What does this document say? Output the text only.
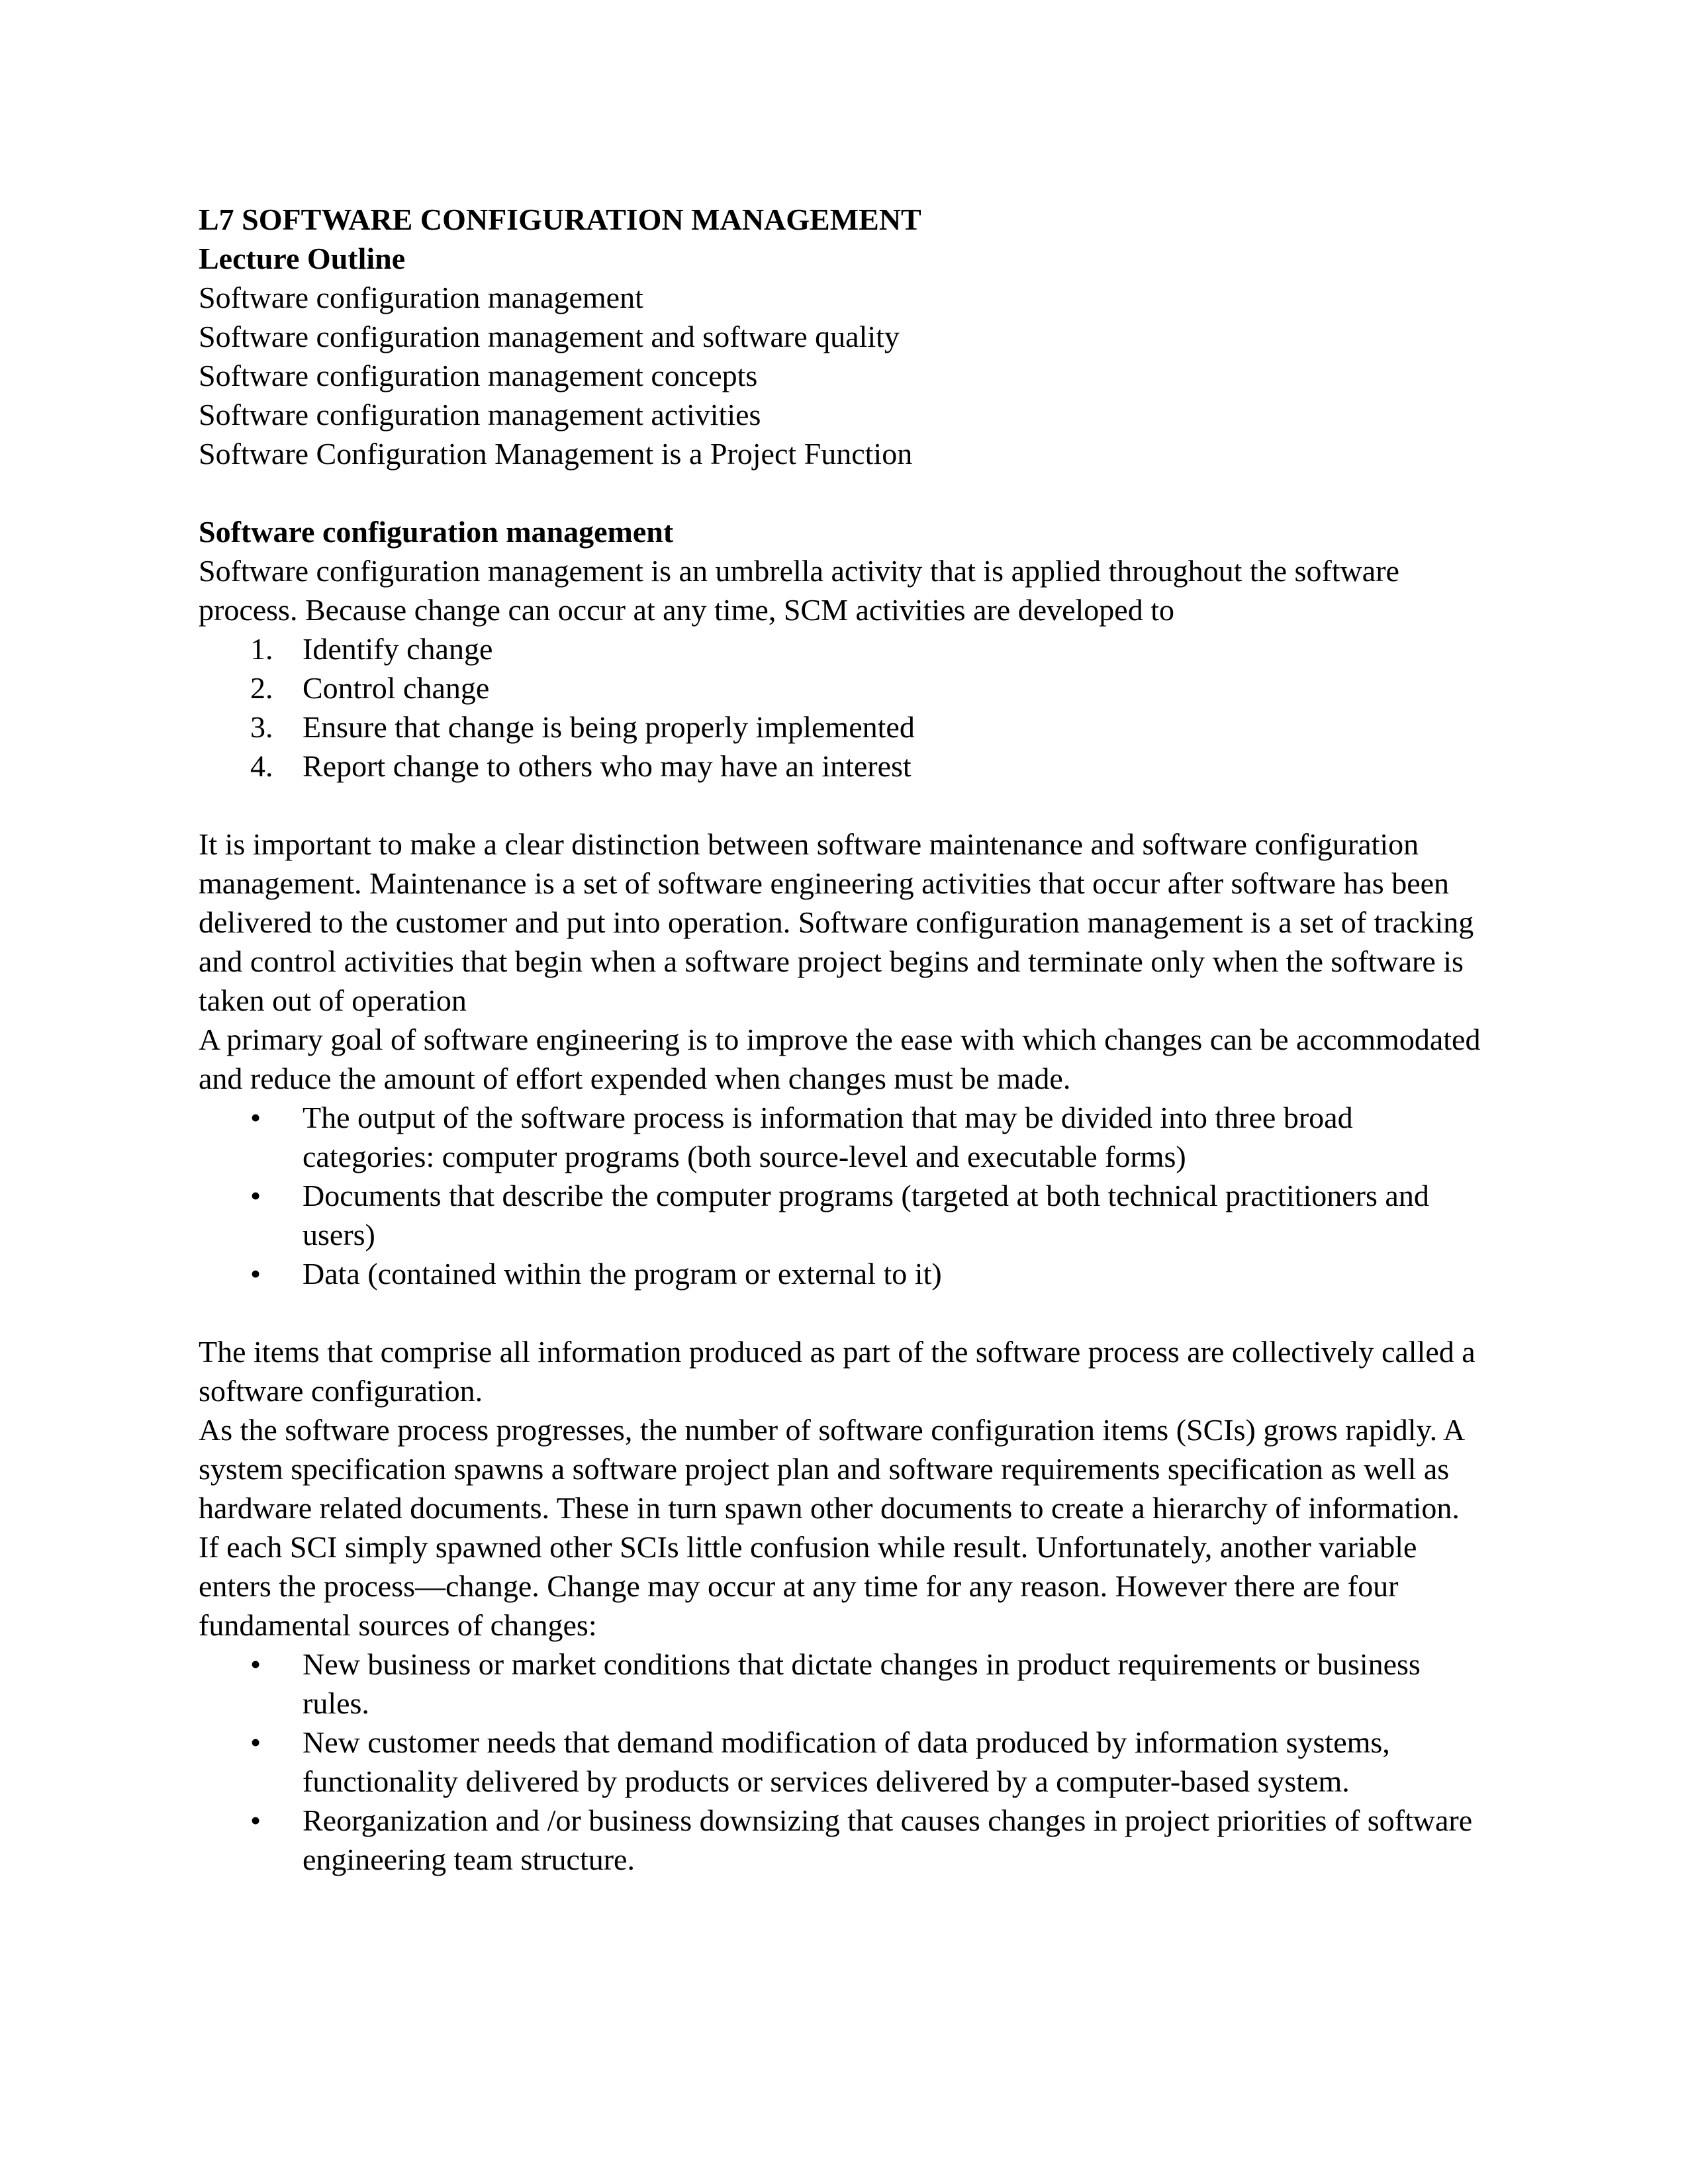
L7 SOFTWARE CONFIGURATION MANAGEMENT

Lecture Outline

Software configuration management

Software configuration management and software quality

Software configuration management concepts

Software configuration management activities

Software Configuration Management is a Project Function

Software configuration management

Software configuration management is an umbrella activity that is applied throughout the software process. Because change can occur at any time, SCM activities are developed to

1. Identify change
2. Control change
3. Ensure that change is being properly implemented
4. Report change to others who may have an interest

It is important to make a clear distinction between software maintenance and software configuration management. Maintenance is a set of software engineering activities that occur after software has been delivered to the customer and put into operation. Software configuration management is a set of tracking and control activities that begin when a software project begins and terminate only when the software is taken out of operation

A primary goal of software engineering is to improve the ease with which changes can be accommodated and reduce the amount of effort expended when changes must be made.

• The output of the software process is information that may be divided into three broad categories: computer programs (both source-level and executable forms)
• Documents that describe the computer programs (targeted at both technical practitioners and users)
• Data (contained within the program or external to it)

The items that comprise all information produced as part of the software process are collectively called a software configuration.

As the software process progresses, the number of software configuration items (SCIs) grows rapidly. A system specification spawns a software project plan and software requirements specification as well as hardware related documents. These in turn spawn other documents to create a hierarchy of information.

If each SCI simply spawned other SCIs little confusion while result. Unfortunately, another variable enters the process—change. Change may occur at any time for any reason. However there are four fundamental sources of changes:

• New business or market conditions that dictate changes in product requirements or business rules.
• New customer needs that demand modification of data produced by information systems, functionality delivered by products or services delivered by a computer-based system.
• Reorganization and /or business downsizing that causes changes in project priorities of software engineering team structure.
